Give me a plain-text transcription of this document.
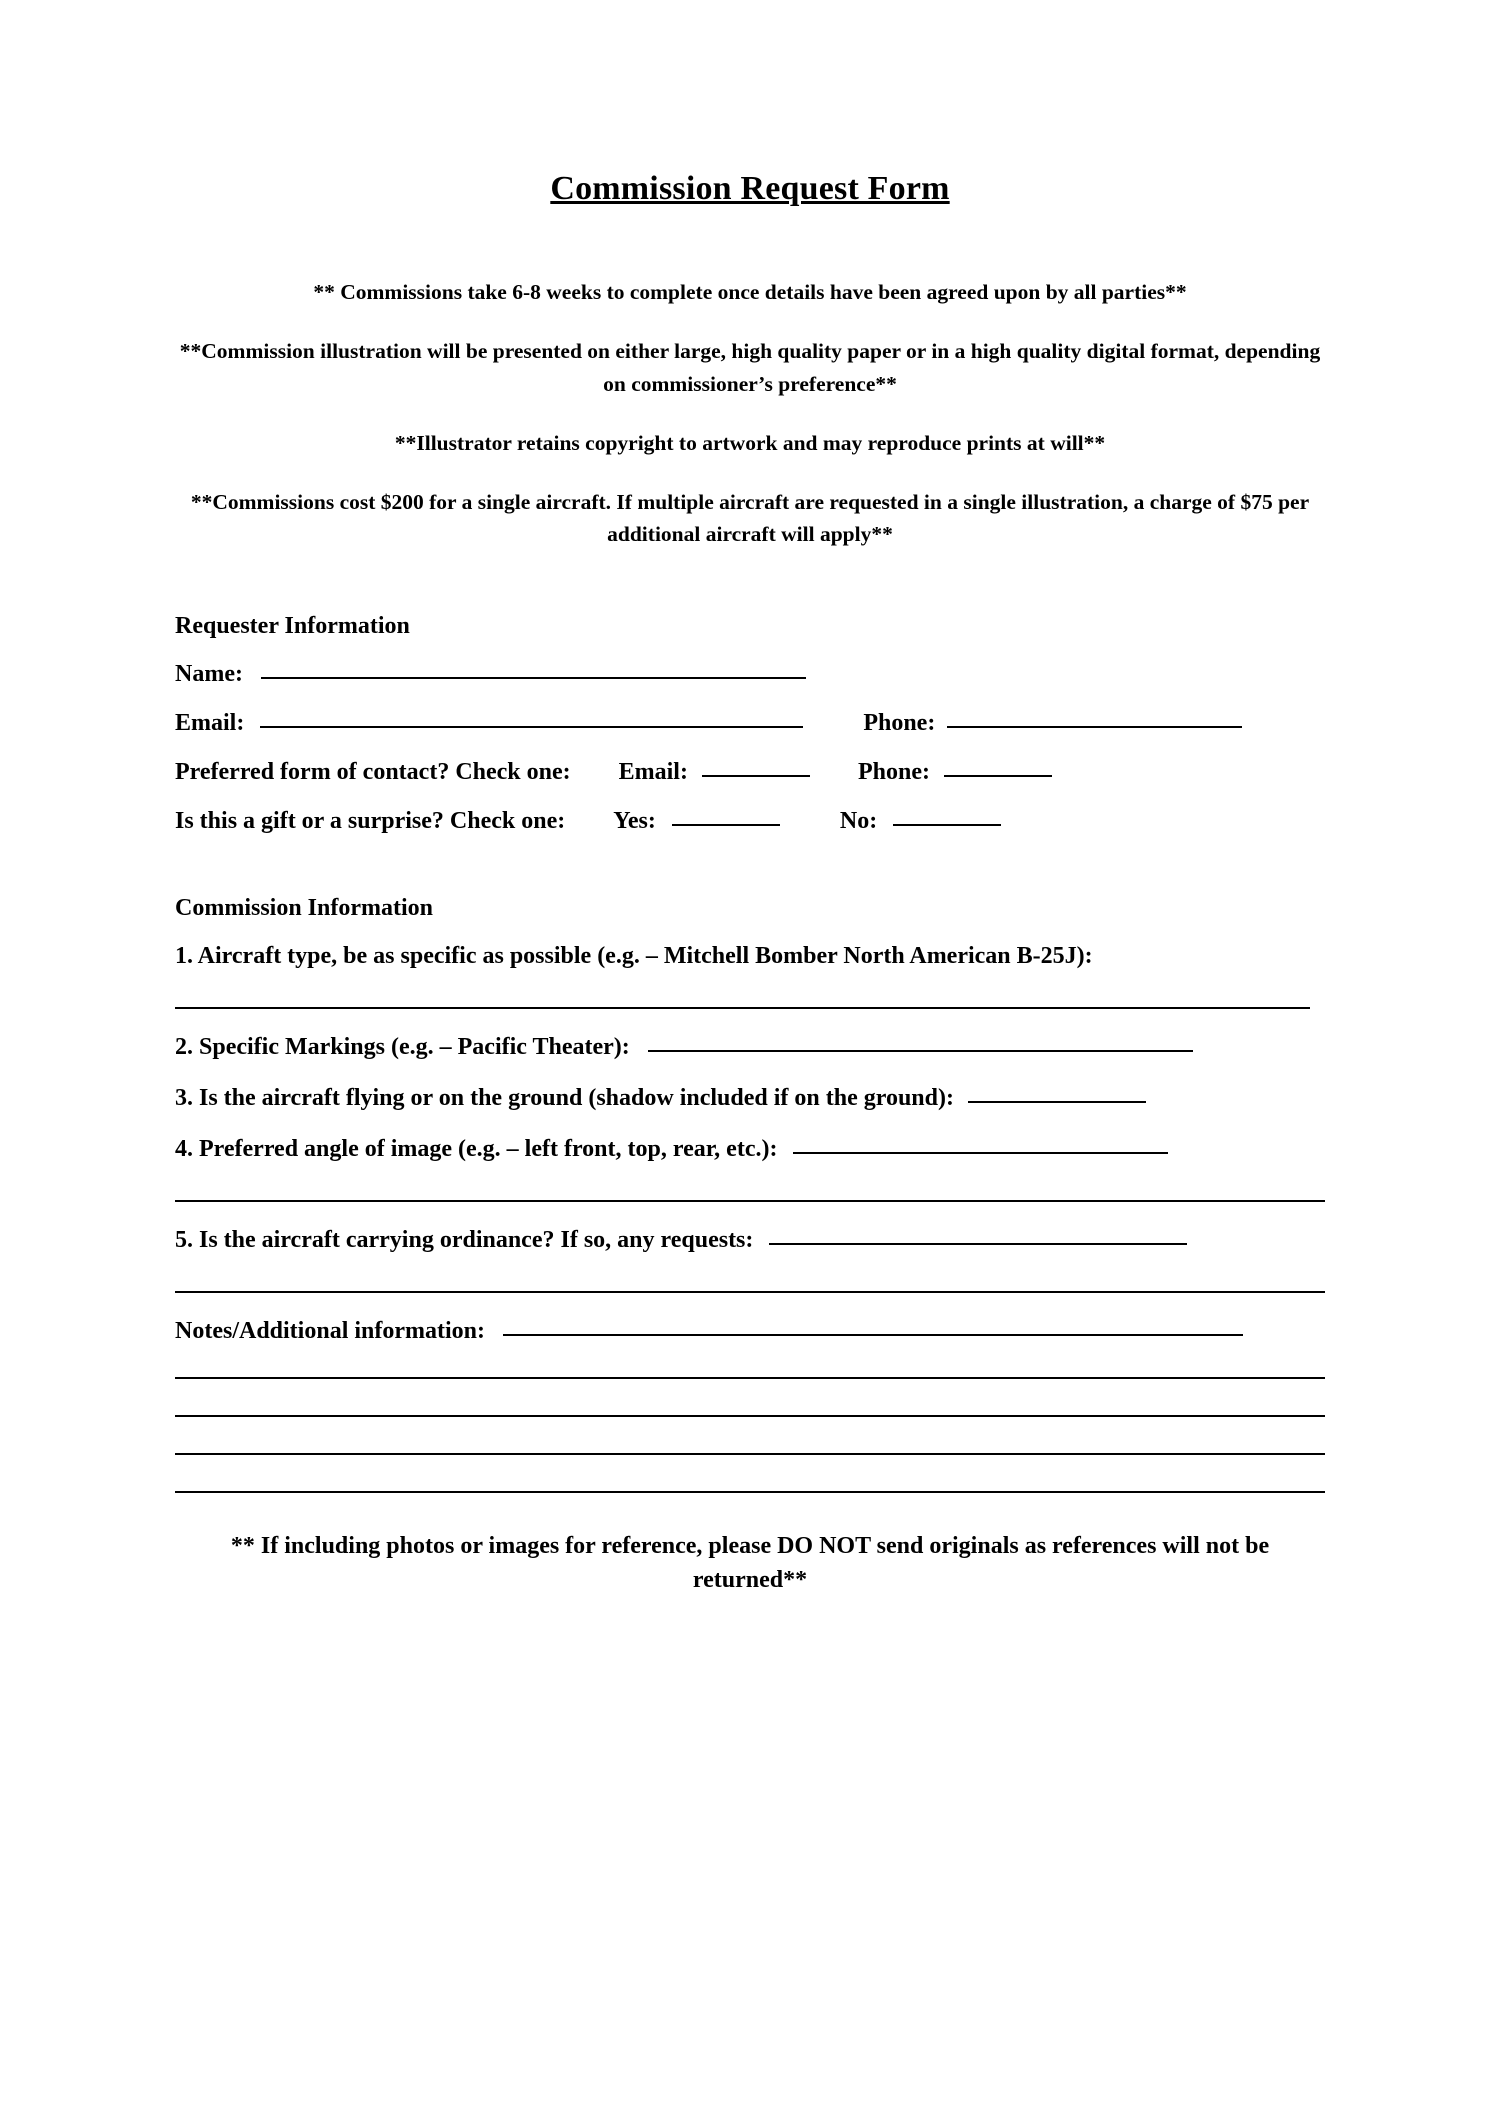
Commission Request Form
** Commissions take 6-8 weeks to complete once details have been agreed upon by all parties**
**Commission illustration will be presented on either large, high quality paper or in a high quality digital format, depending on commissioner’s preference**
**Illustrator retains copyright to artwork and may reproduce prints at will**
**Commissions cost $200 for a single aircraft. If multiple aircraft are requested in a single illustration, a charge of $75 per additional aircraft will apply**
Requester Information
Name:
Email:	Phone:
Preferred form of contact? Check one: Email:	Phone:
Is this a gift or a surprise? Check one: Yes:	No:
Commission Information
1. Aircraft type, be as specific as possible (e.g. – Mitchell Bomber North American B-25J):
2. Specific Markings (e.g. – Pacific Theater):
3. Is the aircraft flying or on the ground (shadow included if on the ground):
4. Preferred angle of image (e.g. – left front, top, rear, etc.):
5. Is the aircraft carrying ordinance? If so, any requests:
Notes/Additional information:
** If including photos or images for reference, please DO NOT send originals as references will not be returned**
